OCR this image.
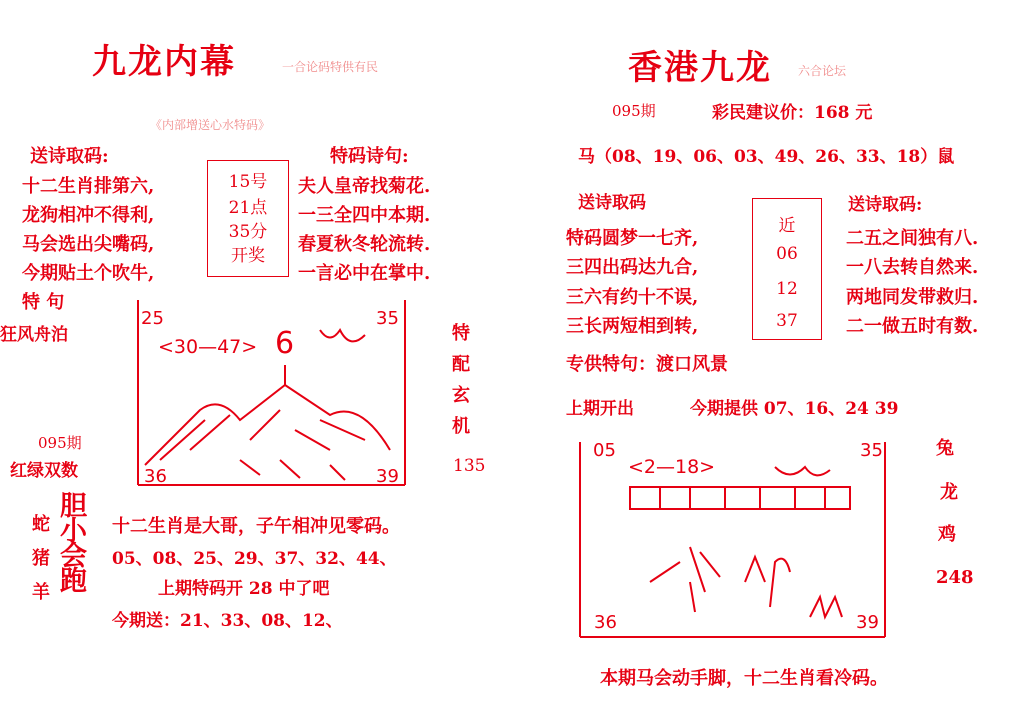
九龙内幕	一合论码特供有民
《内部增送心水特码》
送诗取码:
十二生肖排第六,
龙狗相冲不得利,
马会选出尖嘴码,
今期贴土个吹牛,
15号
21点
35分
开奖
特码诗句:
夫人皇帝找菊花.
一三全四中本期.
春夏秋冬轮流转.
一言必中在掌中.
特 句
狂风舟泊
095期
红绿双数
25	35
36	39
<30—47> 6	特配玄机
135
蛇
猪
羊
胆
小
会
跑
十二生肖是大哥，子午相冲见零码。
05、08、25、29、37、32、44、
上期特码开 28 中了吧
今期送：21、33、08、12、
香港九龙 六合论坛
095期	彩民建议价：168 元
马（08、19、06、03、49、26、33、18）鼠
送诗取码
特码圆梦一七齐,
三四出码达九合,
三六有约十不误,
三长两短相到转,
近
06
12
37
送诗取码:
二五之间独有八.
一八去转自然来.
两地同发带救归.
二一做五时有数.
专供特句：渡口风景
上期开出	今期提供 07、16、24 39
05	35
36	39
<2—18>
兔
龙
鸡
248
本期马会动手脚，十二生肖看冷码。
